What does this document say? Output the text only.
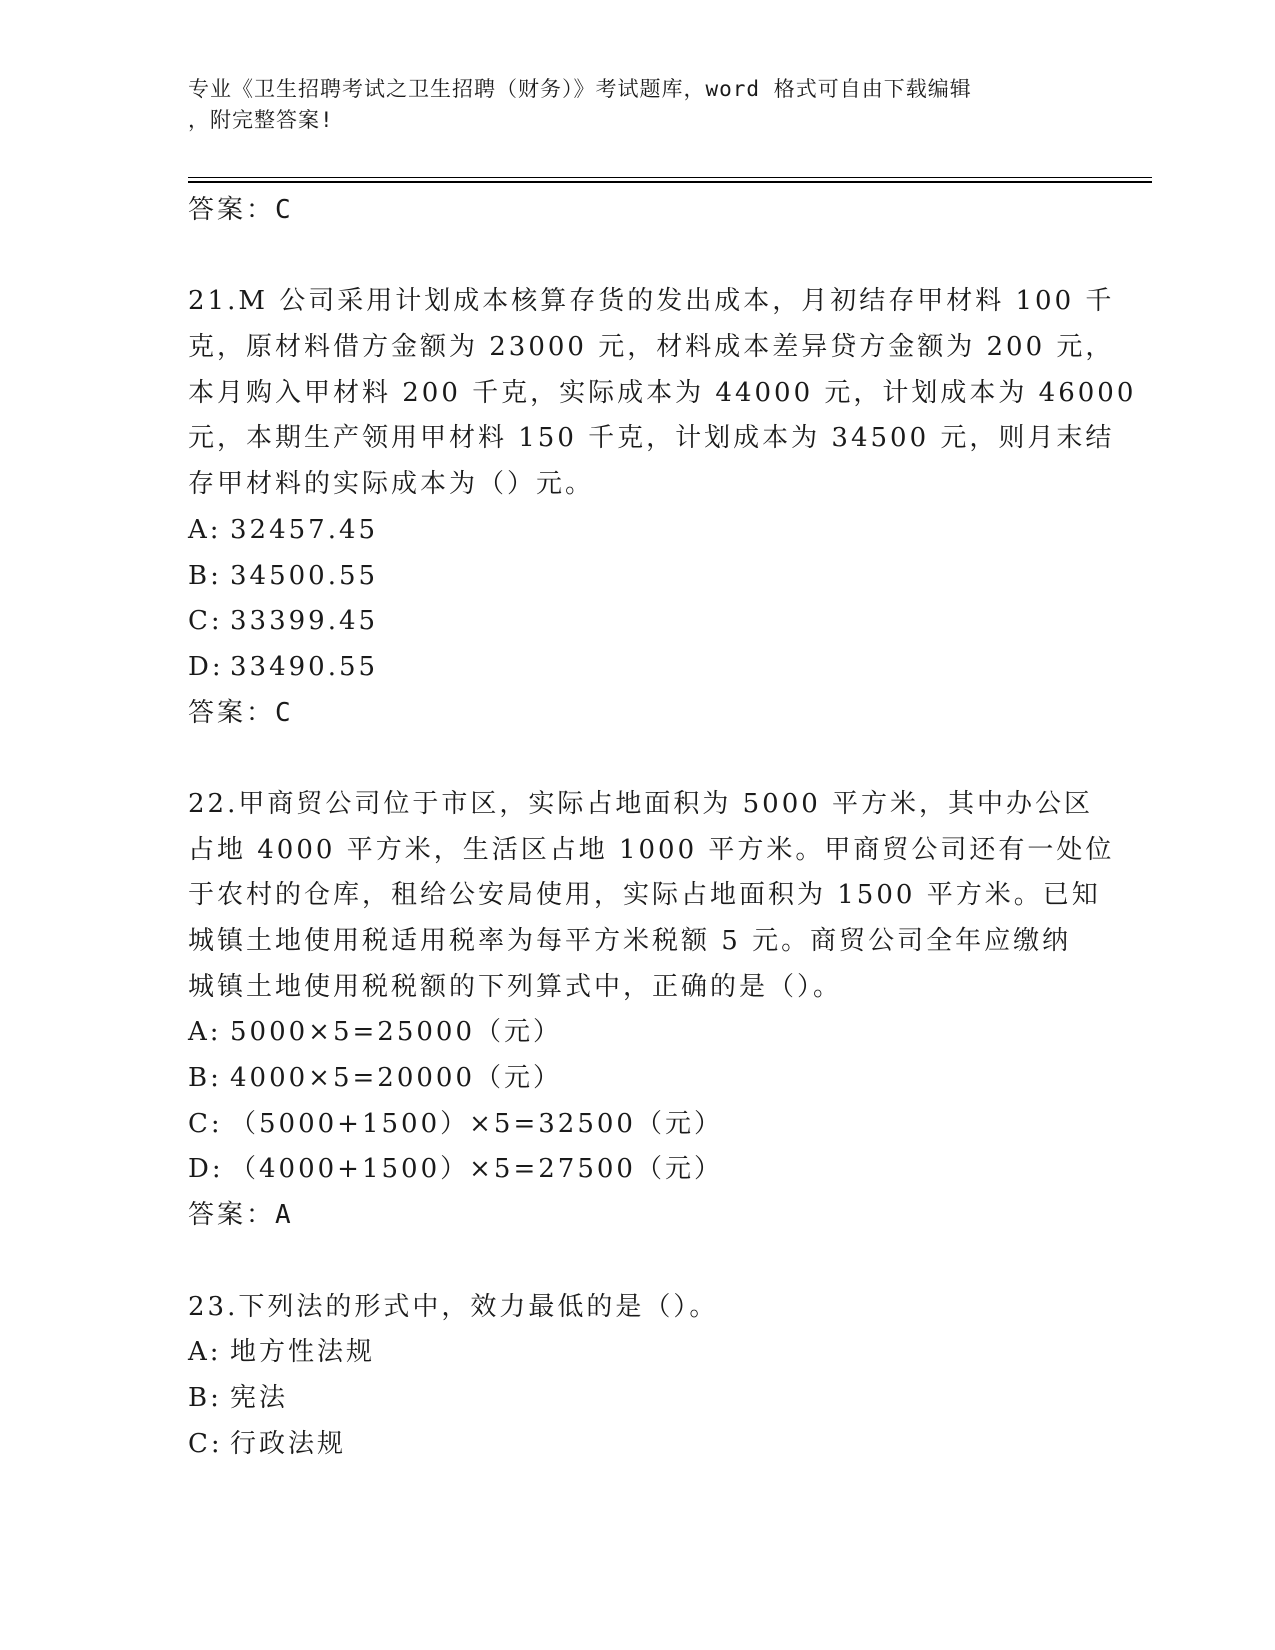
专业《卫生招聘考试之卫生招聘（财务）》考试题库，word 格式可自由下载编辑
，附完整答案!
答案：C
21.M 公司采用计划成本核算存货的发出成本，月初结存甲材料 100 千
克，原材料借方金额为 23000 元，材料成本差异贷方金额为 200 元，
本月购入甲材料 200 千克，实际成本为 44000 元，计划成本为 46000
元，本期生产领用甲材料 150 千克，计划成本为 34500 元，则月末结
存甲材料的实际成本为（）元。
A: 32457.45
B: 34500.55
C: 33399.45
D: 33490.55
答案：C
22.甲商贸公司位于市区，实际占地面积为 5000 平方米，其中办公区
占地 4000 平方米，生活区占地 1000 平方米。甲商贸公司还有一处位
于农村的仓库，租给公安局使用，实际占地面积为 1500 平方米。已知
城镇土地使用税适用税率为每平方米税额 5 元。商贸公司全年应缴纳
城镇土地使用税税额的下列算式中，正确的是（）。
A: 5000×5=25000（元）
B: 4000×5=20000（元）
C: （5000+1500）×5=32500（元）
D: （4000+1500）×5=27500（元）
答案：A
23.下列法的形式中，效力最低的是（）。
A: 地方性法规
B: 宪法
C: 行政法规
